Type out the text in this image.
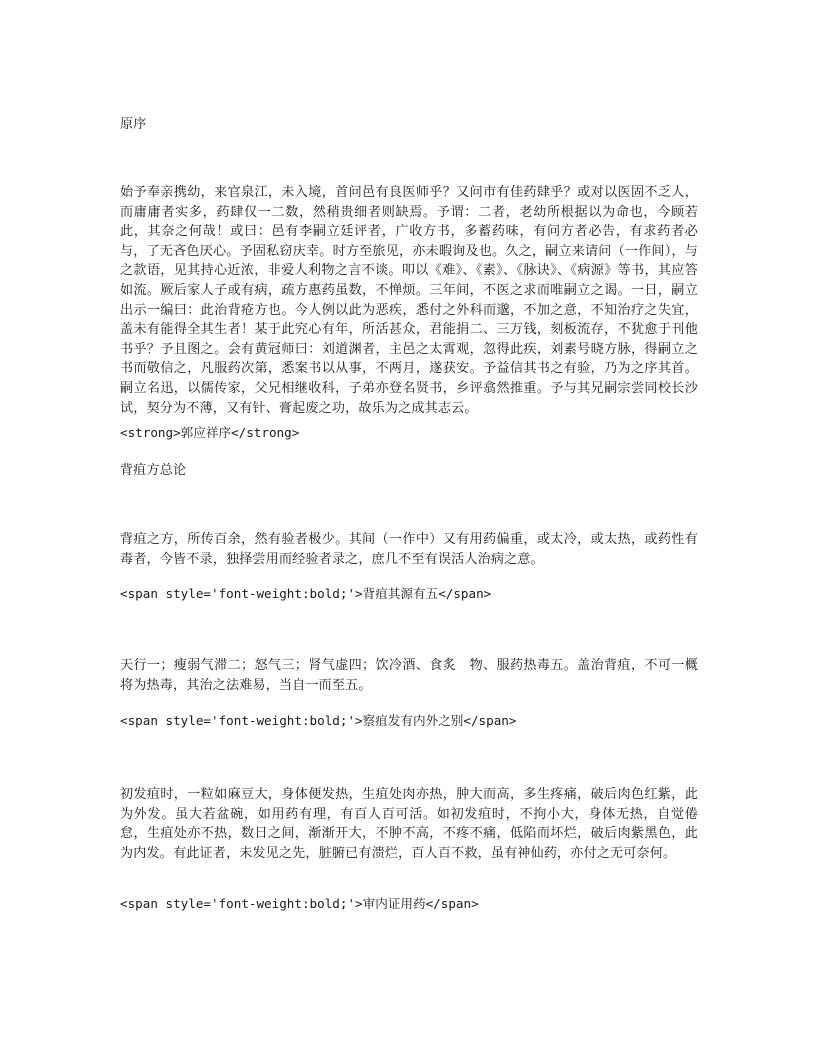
原序

始予奉亲携幼，来官泉江，未入境，首问邑有良医师乎？又问市有佳药肆乎？或对以医固不乏人，而庸庸者实多，药肆仅一二数，然稍贵细者则缺焉。予谓：二者，老幼所根据以为命也，今顾若此，其奈之何哉！或曰：邑有李嗣立廷评者，广收方书，多蓄药味，有问方者必告，有求药者必与，了无吝色厌心。予固私窃庆幸。时方至旅见，亦未暇询及也。久之，嗣立来请问（一作间），与之款语，见其持心近浓，非爱人利物之言不谈。叩以《难》、《素》、《脉诀》、《病源》等书，其应答如流。厥后家人子或有病，疏方惠药虽数，不惮烦。三年间，不医之求而唯嗣立之谒。一日，嗣立出示一编曰：此治背疮方也。今人例以此为恶疾，悉付之外科而邈，不加之意，不知治疗之失宜，盖未有能得全其生者！某于此究心有年，所活甚众，君能捐二、三万钱，刻板流存，不犹愈于刊他书乎？予且图之。会有黄冠师曰：刘道渊者，主邑之太霄观，忽得此疾，刘素号晓方脉，得嗣立之书而敬信之，凡服药次第，悉案书以从事，不两月，遂获安。予益信其书之有验，乃为之序其首。嗣立名迅，以儒传家，父兄相继收科，子弟亦登名贤书，乡评翕然推重。予与其兄嗣宗尝同校长沙试，契分为不薄，又有针、膏起废之功，故乐为之成其志云。

<strong>郭应祥序</strong>

背疽方总论

背疽之方，所传百余，然有验者极少。其间（一作中）又有用药偏重，或太冷，或太热，或药性有毒者，今皆不录，独择尝用而经验者录之，庶几不至有误活人治病之意。

<span style='font-weight:bold;'>背疽其源有五</span>

天行一；瘦弱气滞二；怒气三；肾气虚四；饮冷酒、食炙　物、服药热毒五。盖治背疽，不可一概将为热毒，其治之法难易，当自一而至五。

<span style='font-weight:bold;'>察疽发有内外之别</span>

初发疽时，一粒如麻豆大，身体便发热，生疽处肉亦热，肿大而高，多生疼痛，破后肉色红紫，此为外发。虽大若盆碗，如用药有理，有百人百可活。如初发疽时，不拘小大，身体无热，自觉倦怠，生疽处亦不热，数日之间，渐渐开大，不肿不高，不疼不痛，低陷而坏烂，破后肉紫黑色，此为内发。有此证者，未发见之先，脏腑已有溃烂，百人百不救，虽有神仙药，亦付之无可奈何。

<span style='font-weight:bold;'>审内证用药</span>
